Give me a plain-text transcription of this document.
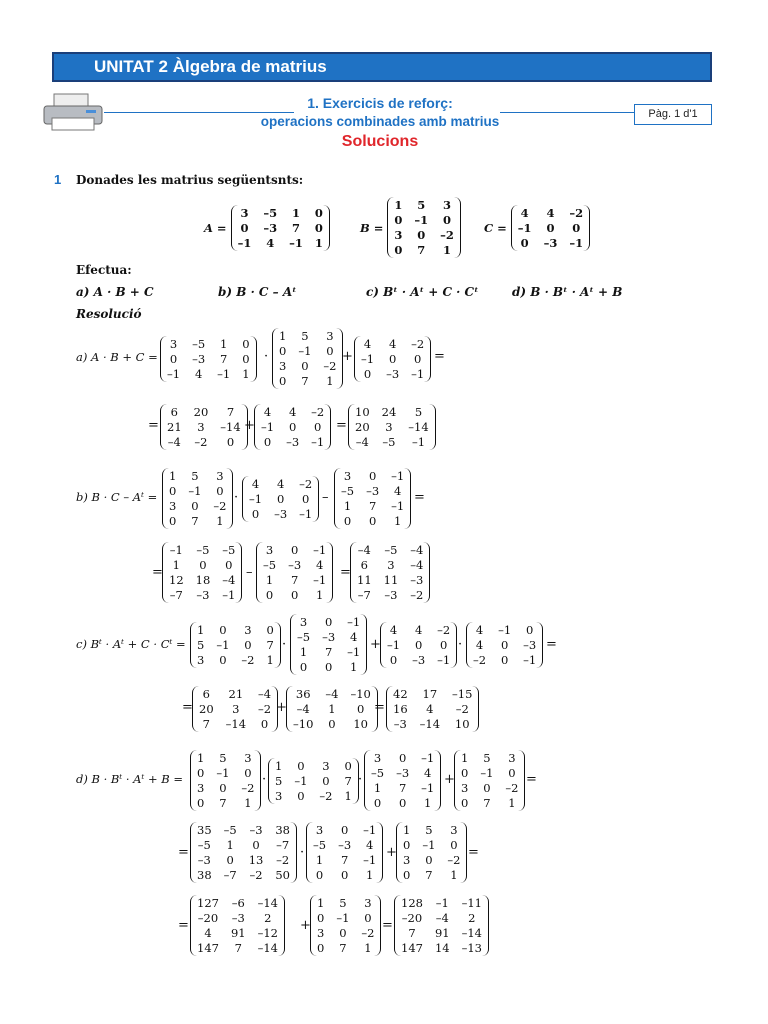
UNITAT 2 Àlgebra de matrius
1. Exercicis de reforç:
operacions combinades amb matrius
Solucions
Pàg. 1 d'1
1 Donades les matrius següentsnts:
A =
3 –5 1 0
0 –3 7 0
–1 4 –1 1
B =
1 5 3
0 –1 0
3 0 –2
0 7 1
C =
4 4 –2
–1 0 0
0 –3 –1
Efectua:
a) A · B + C	b) B · C – Aᵗ	c) Bᵗ · Aᵗ + C · Cᵗ	d) B · Bᵗ · Aᵗ + B
Resolució
a) A · B + C =
3 –5 1 0
0 –3 7 0
–1 4 –1 1
·
1 5 3
0 –1 0
3 0 –2
0 7 1
+
4 4 –2
–1 0 0
0 –3 –1
=
=
6	20	7
21	3	–14
–4 –2	0
+
4 4 –2
–1 0 0
0 –3 –1
=
10 24	5
20	3	–14
–4 –5	–1
b) B · C – Aᵗ =
1 5 3
0 –1 0
3 0 –2
0 7 1
·
4 4 –2
–1 0 0
0 –3 –1
–
3 0 –1
–5 –3 4
1 7 –1
0 0 1
=
=
–1 –5 –5
1	0	0
12 18 –4
–7 –3 –1
–
3 0 –1
–5 –3 4
1 7 –1
0 0 1
=
–4 –5 –4
6	3	–4
11 11 –3
–7 –3 –2
c) Bᵗ · Aᵗ + C · Cᵗ =
1 0 3 0
5 –1 0 7
3 0 –2 1
·
3 0 –1
–5 –3 4
1 7 –1
0 0 1
+
4 4 –2
–1 0 0
0 –3 –1
·
4 –1 0
4 0 –3
–2 0 –1
=
=
6	21 –4
20	3	–2
7	–14 0
+
36 –4 –10
–4	1	0
–10 0 10
=
42 17 –15
16	4	–2
–3 –14 10
d) B · Bᵗ · Aᵗ + B =
1 5 3
0 –1 0
3 0 –2
0 7 1
·
1 0 3 0
5 –1 0 7
3 0 –2 1
·
3 0 –1
–5 –3 4
1 7 –1
0 0 1
+
1 5 3
0 –1 0
3 0 –2
0 7 1
=
=
35 –5 –3 38
–5 1	0	–7
–3 0 13 –2
38 –7 –2 50
·
3 0 –1
–5 –3 4
1 7 –1
0 0 1
+
1 5 3
0 –1 0
3 0 –2
0 7 1
=
=
127 –6 –14
–20 –3	2
4	91 –12
147	7	–14
+
1 5 3
0 –1 0
3 0 –2
0 7 1
=
128 –1 –11
–20 –4	2
7	91 –14
147 14 –13
